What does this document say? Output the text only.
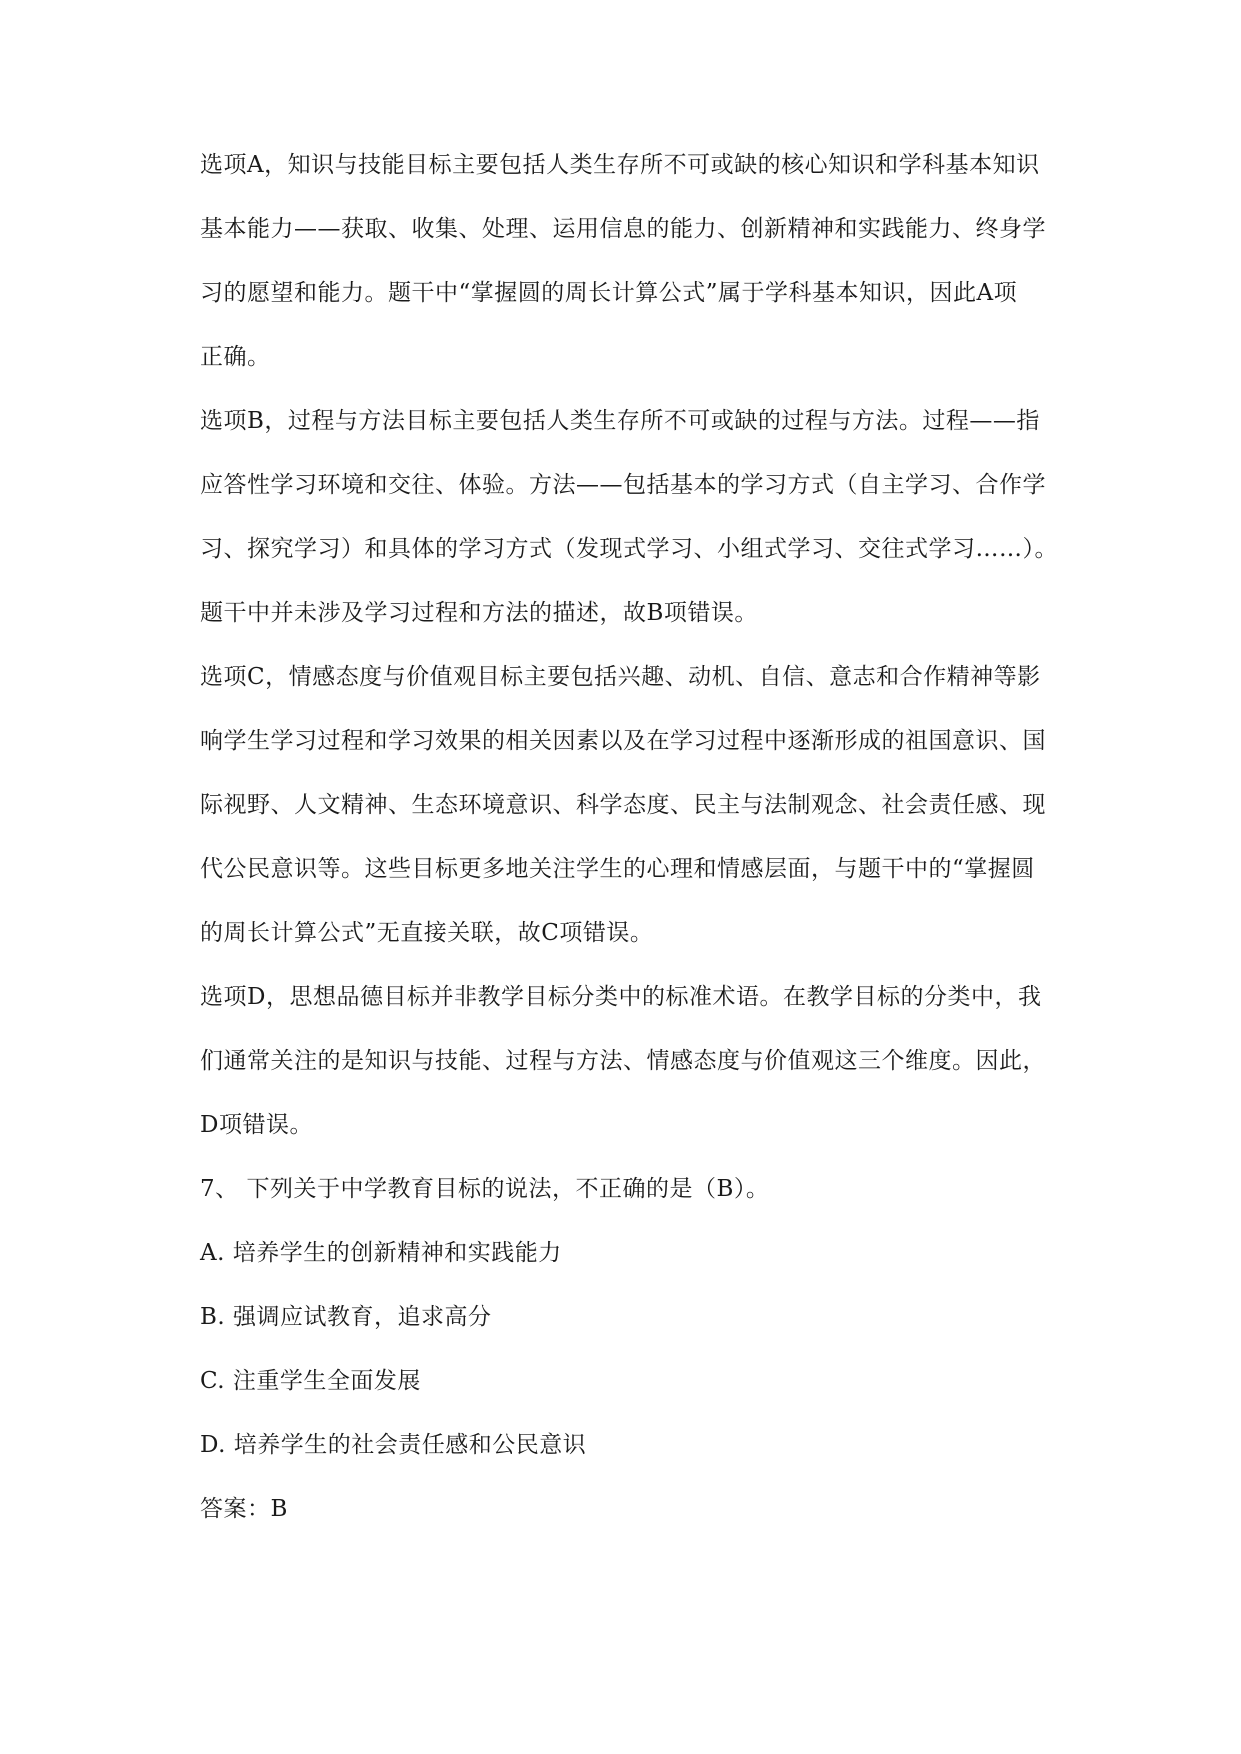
选项A，知识与技能目标主要包括人类生存所不可或缺的核心知识和学科基本知识
基本能力——获取、收集、处理、运用信息的能力、创新精神和实践能力、终身学
习的愿望和能力。题干中“掌握圆的周长计算公式”属于学科基本知识，因此A项
正确。
选项B，过程与方法目标主要包括人类生存所不可或缺的过程与方法。过程——指
应答性学习环境和交往、体验。方法——包括基本的学习方式（自主学习、合作学
习、探究学习）和具体的学习方式（发现式学习、小组式学习、交往式学习……）。
题干中并未涉及学习过程和方法的描述，故B项错误。
选项C，情感态度与价值观目标主要包括兴趣、动机、自信、意志和合作精神等影
响学生学习过程和学习效果的相关因素以及在学习过程中逐渐形成的祖国意识、国
际视野、人文精神、生态环境意识、科学态度、民主与法制观念、社会责任感、现
代公民意识等。这些目标更多地关注学生的心理和情感层面，与题干中的“掌握圆
的周长计算公式”无直接关联，故C项错误。
选项D，思想品德目标并非教学目标分类中的标准术语。在教学目标的分类中，我
们通常关注的是知识与技能、过程与方法、情感态度与价值观这三个维度。因此，
D项错误。
7、 下列关于中学教育目标的说法，不正确的是（B）。
A. 培养学生的创新精神和实践能力
B. 强调应试教育，追求高分
C. 注重学生全面发展
D. 培养学生的社会责任感和公民意识
答案：B
